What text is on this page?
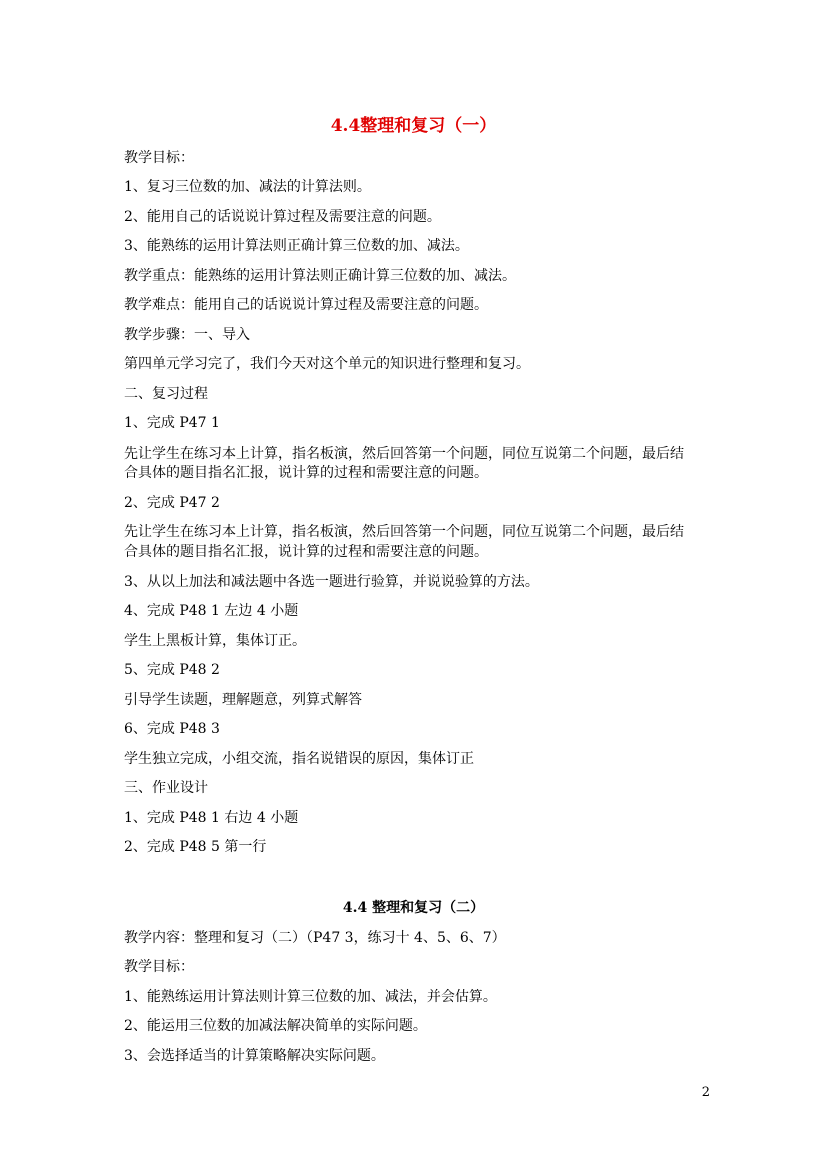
4.4整理和复习（一）
教学目标：
1、复习三位数的加、减法的计算法则。
2、能用自己的话说说计算过程及需要注意的问题。
3、能熟练的运用计算法则正确计算三位数的加、减法。
教学重点：能熟练的运用计算法则正确计算三位数的加、减法。
教学难点：能用自己的话说说计算过程及需要注意的问题。
教学步骤：一、导入
第四单元学习完了，我们今天对这个单元的知识进行整理和复习。
二、复习过程
1、完成 P47 1
先让学生在练习本上计算，指名板演，然后回答第一个问题，同位互说第二个问题，最后结
合具体的题目指名汇报，说计算的过程和需要注意的问题。
2、完成 P47 2
先让学生在练习本上计算，指名板演，然后回答第一个问题，同位互说第二个问题，最后结
合具体的题目指名汇报，说计算的过程和需要注意的问题。
3、从以上加法和减法题中各选一题进行验算，并说说验算的方法。
4、完成 P48 1 左边 4 小题
学生上黑板计算，集体订正。
5、完成 P48 2
引导学生读题，理解题意，列算式解答
6、完成 P48 3
学生独立完成，小组交流，指名说错误的原因，集体订正
三、作业设计
1、完成 P48 1 右边 4 小题
2、完成 P48 5 第一行
4.4 整理和复习（二）
教学内容：整理和复习（二）（P47 3，练习十 4、5、6、7）
教学目标：
1、能熟练运用计算法则计算三位数的加、减法，并会估算。
2、能运用三位数的加减法解决简单的实际问题。
3、会选择适当的计算策略解决实际问题。
2
